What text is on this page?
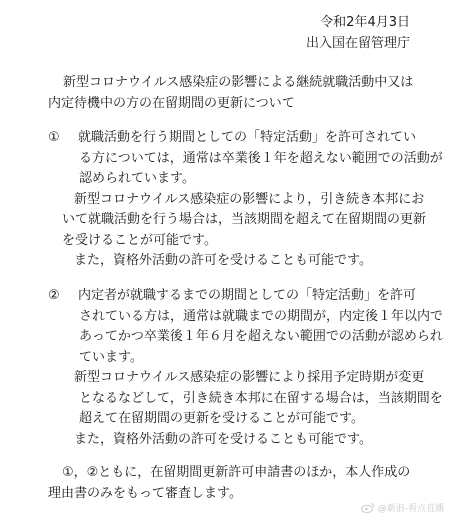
令和2年4月3日
出入国在留管理庁
新型コロナウイルス感染症の影響による継続就職活動中又は
内定待機中の方の在留期間の更新について
① 就職活動を行う期間としての「特定活動」を許可されてい
る方については，通常は卒業後１年を超えない範囲での活動が
認められています。
新型コロナウイルス感染症の影響により，引き続き本邦にお
いて就職活動を行う場合は，当該期間を超えて在留期間の更新
を受けることが可能です。
また，資格外活動の許可を受けることも可能です。
② 内定者が就職するまでの期間としての「特定活動」を許可
されている方は，通常は就職までの期間が，内定後１年以内で
あってかつ卒業後１年６月を超えない範囲での活動が認められ
ています。
新型コロナウイルス感染症の影響により採用予定時期が変更
となるなどして，引き続き本邦に在留する場合は，当該期間を
超えて在留期間の更新を受けることが可能です。
また，資格外活動の許可を受けることも可能です。
①，②ともに，在留期間更新許可申請書のほか，本人作成の
理由書のみをもって審査します。
@新浪-看点直播
